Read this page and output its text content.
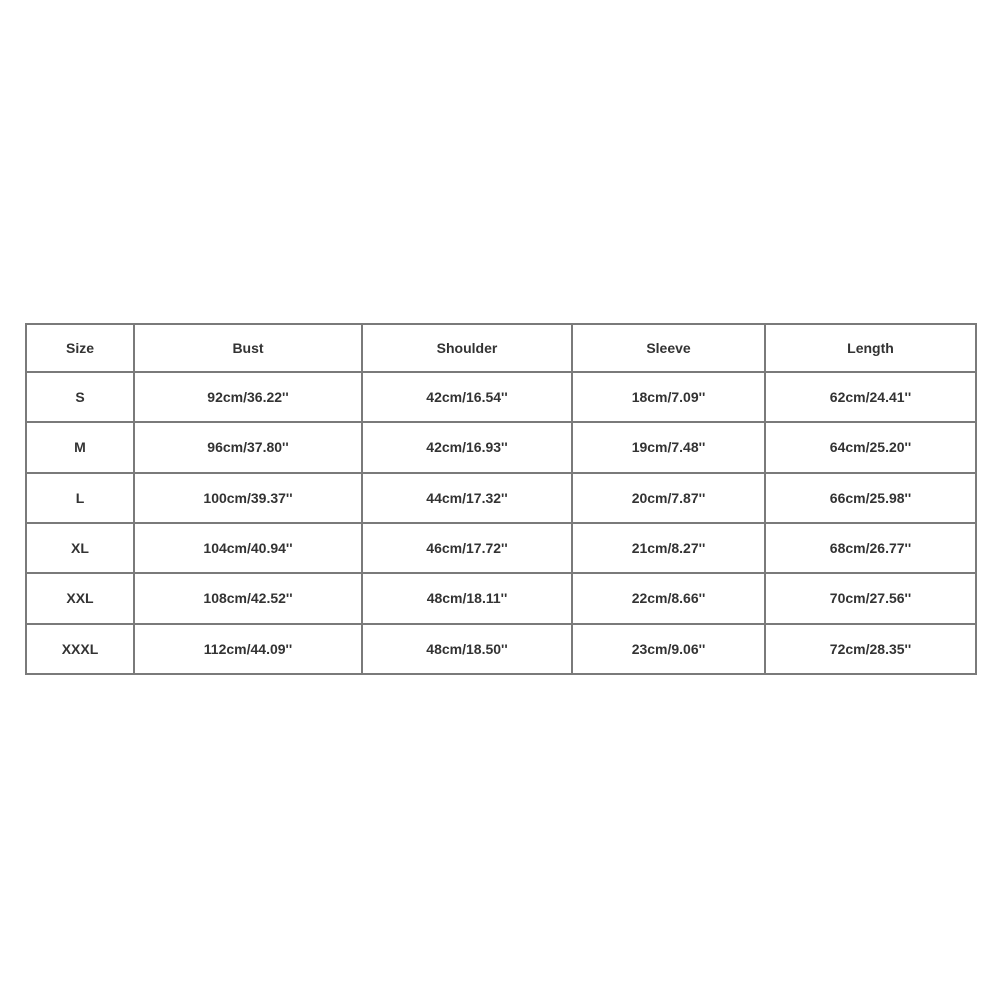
Size	Bust	Shoulder	Sleeve	Length
S	92cm/36.22''	42cm/16.54''	18cm/7.09''	62cm/24.41''
M	96cm/37.80''	42cm/16.93''	19cm/7.48''	64cm/25.20''
L	100cm/39.37''	44cm/17.32''	20cm/7.87''	66cm/25.98''
XL	104cm/40.94''	46cm/17.72''	21cm/8.27''	68cm/26.77''
XXL	108cm/42.52''	48cm/18.11''	22cm/8.66''	70cm/27.56''
XXXL	112cm/44.09''	48cm/18.50''	23cm/9.06''	72cm/28.35''
